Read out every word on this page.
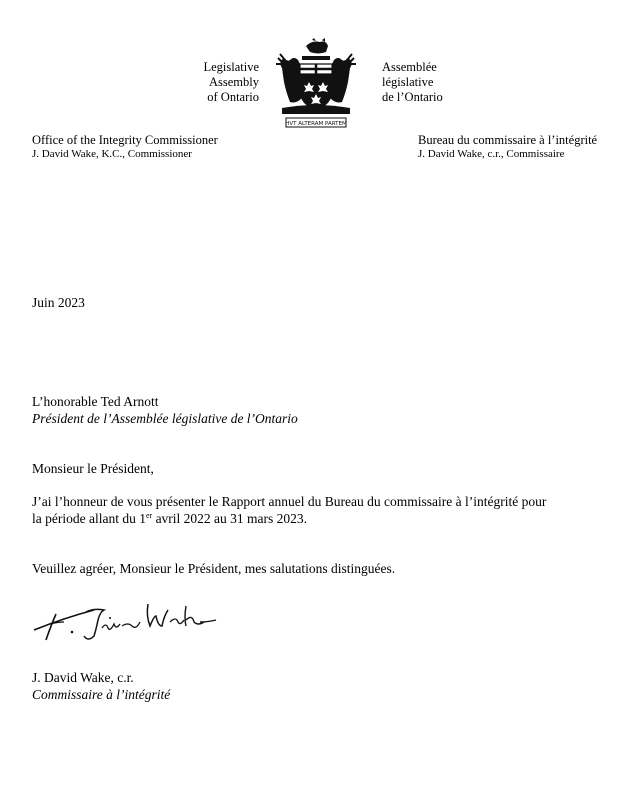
Legislative
Assembly
of Ontario
HVT ALTERAM PARTEM
Assemblée
législative
de l’Ontario
Office of the Integrity Commissioner
J. David Wake, K.C., Commissioner
Bureau du commissaire à l’intégrité
J. David Wake, c.r., Commissaire
Juin 2023
L’honorable Ted Arnott
Président de l’Assemblée législative de l’Ontario
Monsieur le Président,
J’ai l’honneur de vous présenter le Rapport annuel du Bureau du commissaire à l’intégrité pour
la période allant du 1er avril 2022 au 31 mars 2023.
Veuillez agréer, Monsieur le Président, mes salutations distinguées.
J. David Wake, c.r.
Commissaire à l’intégrité
